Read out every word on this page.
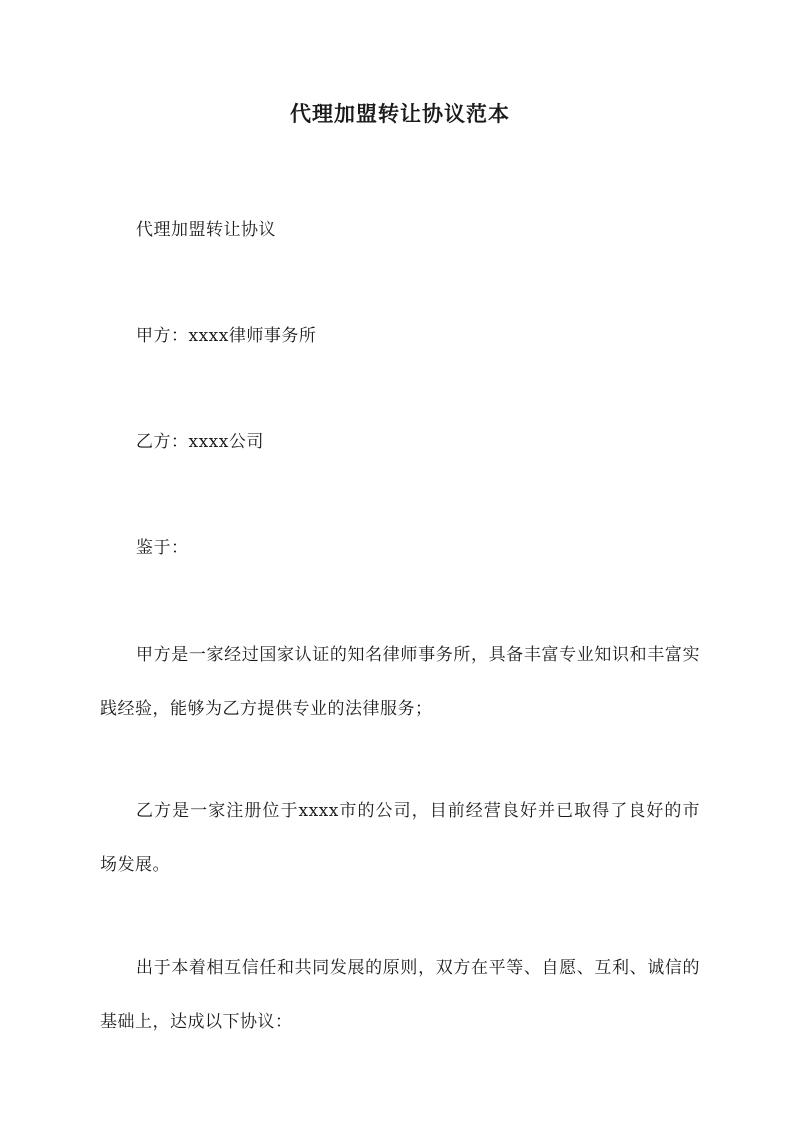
代理加盟转让协议范本

代理加盟转让协议

甲方：xxxx律师事务所

乙方：xxxx公司

鉴于：

甲方是一家经过国家认证的知名律师事务所，具备丰富专业知识和丰富实践经验，能够为乙方提供专业的法律服务；

乙方是一家注册位于xxxx市的公司，目前经营良好并已取得了良好的市场发展。

出于本着相互信任和共同发展的原则，双方在平等、自愿、互利、诚信的基础上，达成以下协议：
